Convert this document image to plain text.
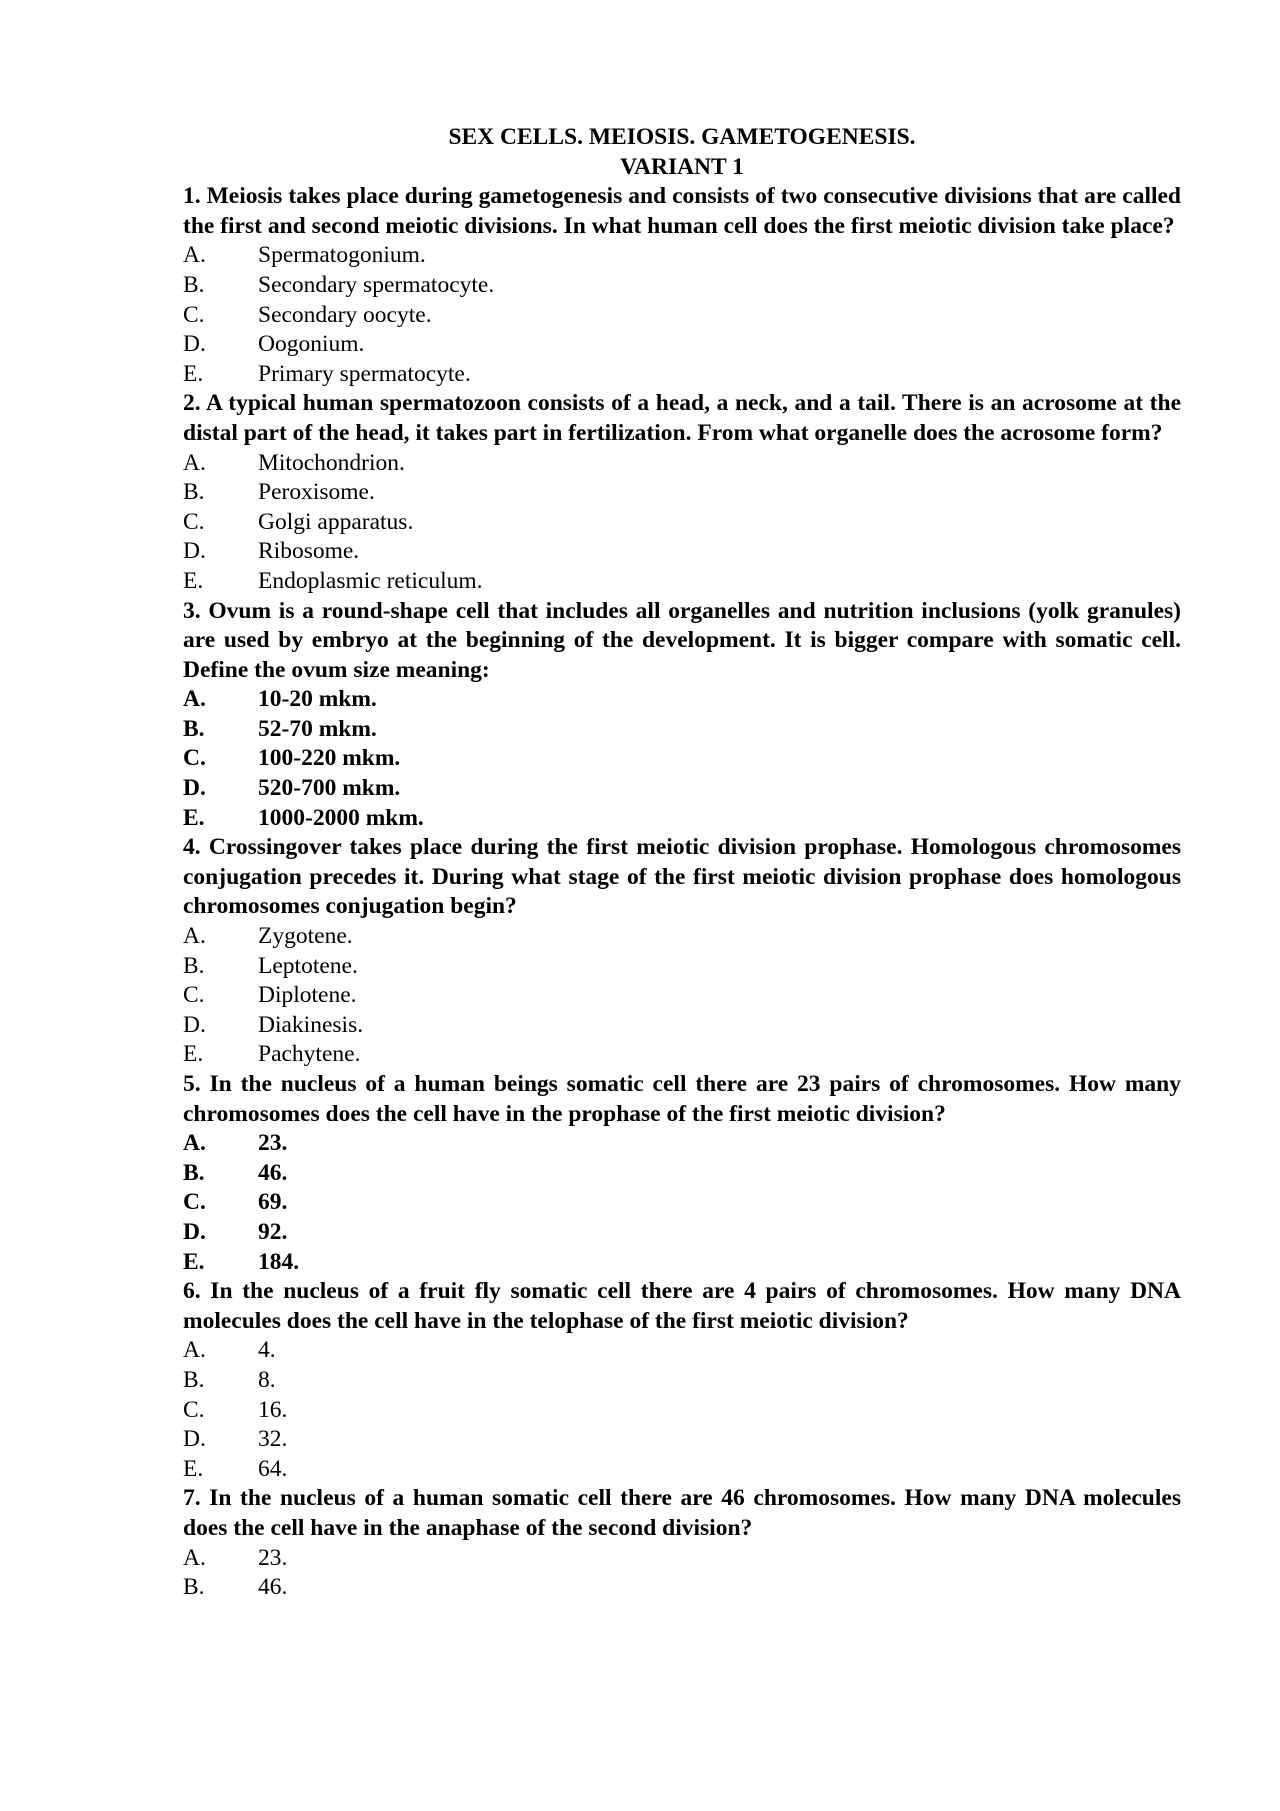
SEX CELLS. MEIOSIS. GAMETOGENESIS.

VARIANT 1

1. Meiosis takes place during gametogenesis and consists of two consecutive divisions that are called the first and second meiotic divisions. In what human cell does the first meiotic division take place?

A.	Spermatogonium.
B.	Secondary spermatocyte.
C.	Secondary oocyte.
D.	Oogonium.
E.	Primary spermatocyte.

2. A typical human spermatozoon consists of a head, a neck, and a tail. There is an acrosome at the distal part of the head, it takes part in fertilization. From what organelle does the acrosome form?

A.	Mitochondrion.
B.	Peroxisome.
C.	Golgi apparatus.
D.	Ribosome.
E.	Endoplasmic reticulum.

3. Ovum is a round-shape cell that includes all organelles and nutrition inclusions (yolk granules) are used by embryo at the beginning of the development. It is bigger compare with somatic cell. Define the ovum size meaning:

A.	10-20 mkm.
B.	52-70 mkm.
C.	100-220 mkm.
D.	520-700 mkm.
E.	1000-2000 mkm.

4. Crossingover takes place during the first meiotic division prophase. Homologous chromosomes conjugation precedes it. During what stage of the first meiotic division prophase does homologous chromosomes conjugation begin?

A.	Zygotene.
B.	Leptotene.
C.	Diplotene.
D.	Diakinesis.
E.	Pachytene.

5. In the nucleus of a human beings somatic cell there are 23 pairs of chromosomes. How many chromosomes does the cell have in the prophase of the first meiotic division?

A.	23.
B.	46.
C.	69.
D.	92.
E.	184.

6. In the nucleus of a fruit fly somatic cell there are 4 pairs of chromosomes. How many DNA molecules does the cell have in the telophase of the first meiotic division?

A.	4.
B.	8.
C.	16.
D.	32.
E.	64.

7. In the nucleus of a human somatic cell there are 46 chromosomes. How many DNA molecules does the cell have in the anaphase of the second division?

A.	23.
B.	46.
